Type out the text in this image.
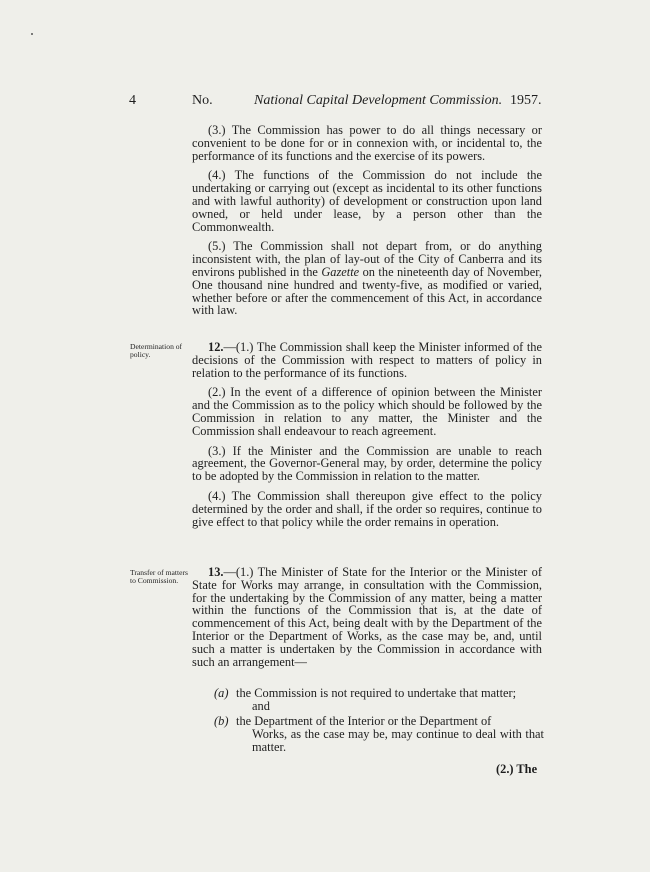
4	No.	National Capital Development Commission. 1957.

(3.) The Commission has power to do all things necessary or convenient to be done for or in connexion with, or incidental to, the performance of its functions and the exercise of its powers.

(4.) The functions of the Commission do not include the undertaking or carrying out (except as incidental to its other functions and with lawful authority) of development or construction upon land owned, or held under lease, by a person other than the Commonwealth.

(5.) The Commission shall not depart from, or do anything inconsistent with, the plan of lay-out of the City of Canberra and its environs published in the Gazette on the nineteenth day of November, One thousand nine hundred and twenty-five, as modified or varied, whether before or after the commencement of this Act, in accordance with law.

Determination of policy.

12.—(1.) The Commission shall keep the Minister informed of the decisions of the Commission with respect to matters of policy in relation to the performance of its functions.

(2.) In the event of a difference of opinion between the Minister and the Commission as to the policy which should be followed by the Commission in relation to any matter, the Minister and the Commission shall endeavour to reach agreement.

(3.) If the Minister and the Commission are unable to reach agreement, the Governor-General may, by order, determine the policy to be adopted by the Commission in relation to the matter.

(4.) The Commission shall thereupon give effect to the policy determined by the order and shall, if the order so requires, continue to give effect to that policy while the order remains in operation.

Transfer of matters to Commission.

13.—(1.) The Minister of State for the Interior or the Minister of State for Works may arrange, in consultation with the Commission, for the undertaking by the Commission of any matter, being a matter within the functions of the Commission that is, at the date of commencement of this Act, being dealt with by the Department of the Interior or the Department of Works, as the case may be, and, until such a matter is undertaken by the Commission in accordance with such an arrangement—

(a) the Commission is not required to undertake that matter;
and
(b) the Department of the Interior or the Department of
Works, as the case may be, may continue to deal with that matter.
(2.) The
